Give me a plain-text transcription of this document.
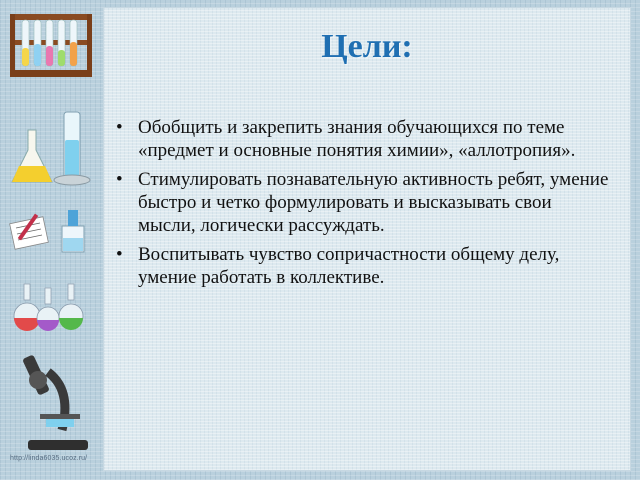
http://linda6035.ucoz.ru/
Цели:
• Обобщить и закрепить знания обучающихся по теме «предмет и основные понятия химии», «аллотропия».
• Стимулировать познавательную активность ребят, умение быстро и четко формулировать и высказывать свои мысли, логически рассуждать.
• Воспитывать чувство сопричастности общему делу, умение работать в коллективе.
